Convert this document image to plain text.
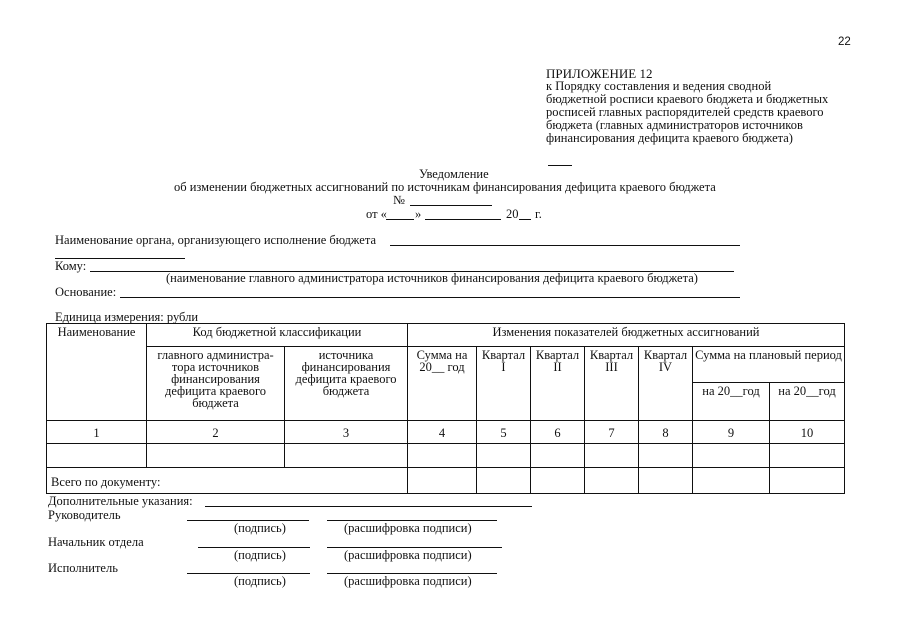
22
ПРИЛОЖЕНИЕ 12
к Порядку составления и ведения сводной
бюджетной росписи краевого бюджета и бюджетных
росписей главных распорядителей средств краевого
бюджета (главных администраторов источников
финансирования дефицита краевого бюджета)
Уведомление
об изменении бюджетных ассигнований по источникам финансирования дефицита краевого бюджета
№
от « »	20 г.
Наименование органа, организующего исполнение бюджета
Кому:
(наименование главного администратора источников финансирования дефицита краевого бюджета)
Основание:
Единица измерения: рубли
Наименование	Код бюджетной классификации		Изменения показателей бюджетных ассигнований						
	главного администра-тора источников финансирования дефицита краевого бюджета	источника финансирования дефицита краевого бюджета	Сумма на 20__ год	Квартал I	Квартал II	Квартал III	Квартал IV	Сумма на плановый период	
								на 20__год	на 20__год
1	2	3	4	5	6	7	8	9	10

Всего по документу:									
Дополнительные указания:
Руководитель
(подпись)	(расшифровка подписи)
Начальник отдела
(подпись)	(расшифровка подписи)
Исполнитель
(подпись)	(расшифровка подписи)
